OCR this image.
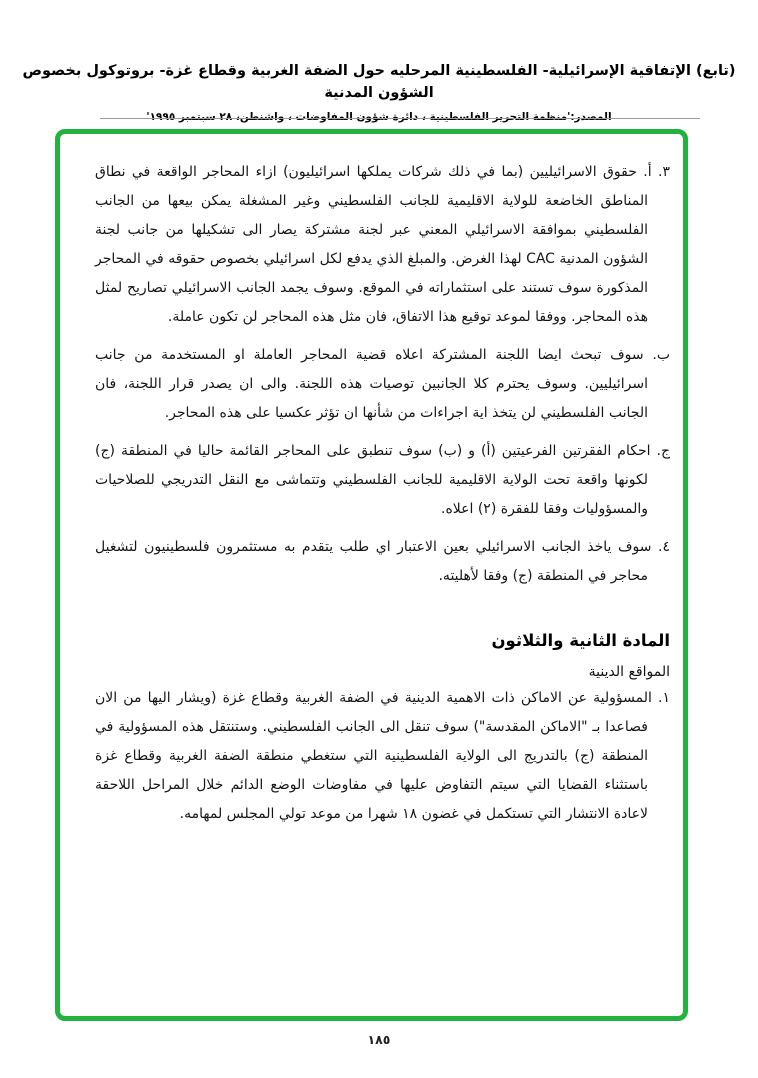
(تابع) الإتفاقية الإسرائيلية- الفلسطينية المرحليه حول الضفة الغربية وقطاع غزة- بروتوكول بخصوص الشؤون المدنية
المصدر:'منظمة التحرير الفلسطينية ، دائرة شؤون المفاوضات ، واشنطن، ٢٨ سبتمبر ١٩٩٥'

٣. أ. حقوق الاسرائيليين (بما في ذلك شركات يملكها اسرائيليون) ازاء المحاجر الواقعة في نطاق المناطق الخاضعة للولاية الاقليمية للجانب الفلسطيني وغير المشغلة يمكن بيعها من الجانب الفلسطيني بموافقة الاسرائيلي المعني عبر لجنة مشتركة يصار الى تشكيلها من جانب لجنة الشؤون المدنية CAC لهذا الغرض. والمبلغ الذي يدفع لكل اسرائيلي بخصوص حقوقه في المحاجر المذكورة سوف تستند على استثماراته في الموقع. وسوف يجمد الجانب الاسرائيلي تصاريح لمثل هذه المحاجر. ووفقا لموعد توقيع هذا الاتفاق، فان مثل هذه المحاجر لن تكون عاملة.

ب. سوف تبحث ايضا اللجنة المشتركة اعلاه قضية المحاجر العاملة او المستخدمة من جانب اسرائيليين. وسوف يحترم كلا الجانبين توصيات هذه اللجنة. والى ان يصدر قرار اللجنة، فان الجانب الفلسطيني لن يتخذ اية اجراءات من شأنها ان تؤثر عكسيا على هذه المحاجر.

ج. احكام الفقرتين الفرعيتين (أ) و (ب) سوف تنطبق على المحاجر القائمة حاليا في المنطقة (ج) لكونها واقعة تحت الولاية الاقليمية للجانب الفلسطيني وتتماشى مع النقل التدريجي للصلاحيات والمسؤوليات وفقا للفقرة (٢) اعلاه.

٤. سوف ياخذ الجانب الاسرائيلي بعين الاعتبار اي طلب يتقدم به مستثمرون فلسطينيون لتشغيل محاجر في المنطقة (ج) وفقا لأهليته.

المادة الثانية والثلاثون
المواقع الدينية

١. المسؤولية عن الاماكن ذات الاهمية الدينية في الضفة الغربية وقطاع غزة (ويشار اليها من الان فصاعدا بـ "الاماكن المقدسة") سوف تنقل الى الجانب الفلسطيني. وستنتقل هذه المسؤولية في المنطقة (ج) بالتدريج الى الولاية الفلسطينية التي ستغطي منطقة الضفة الغربية وقطاع غزة باستثناء القضايا التي سيتم التفاوض عليها في مفاوضات الوضع الدائم خلال المراحل اللاحقة لاعادة الانتشار التي تستكمل في غضون ١٨ شهرا من موعد تولي المجلس لمهامه.

١٨٥
